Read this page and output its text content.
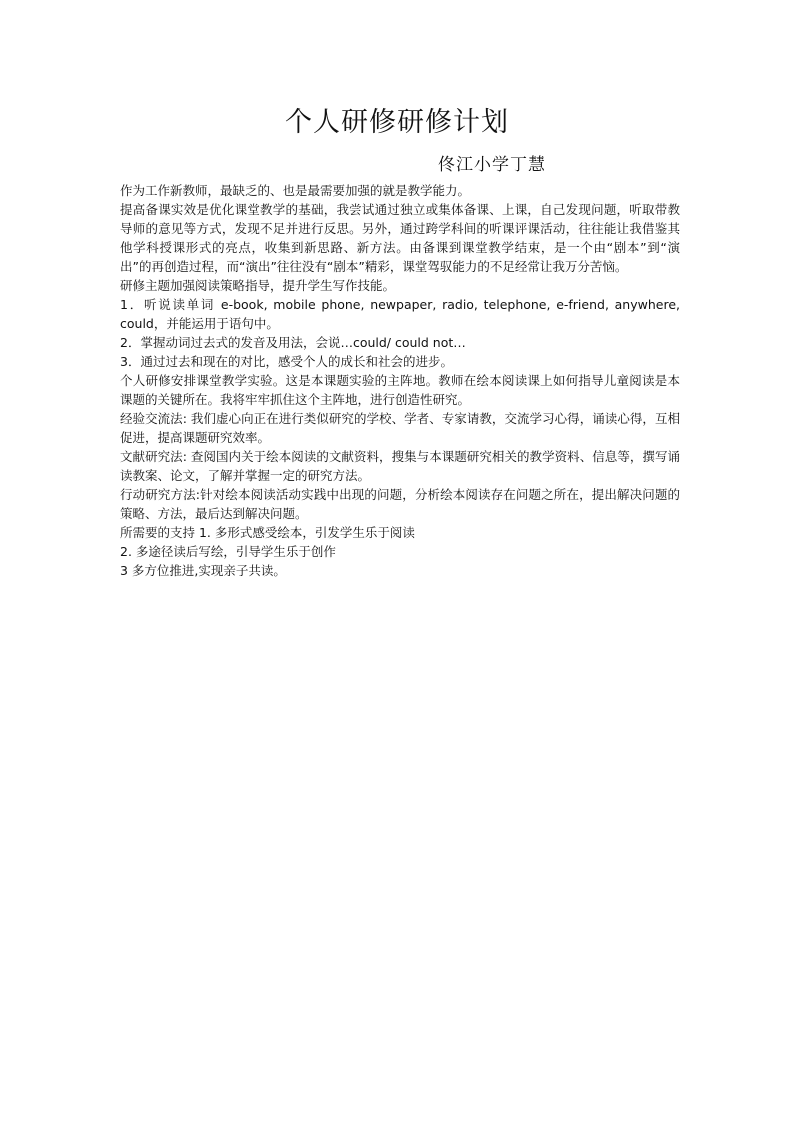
个人研修研修计划
佟江小学丁慧

作为工作新教师，最缺乏的、也是最需要加强的就是教学能力。

提高备课实效是优化课堂教学的基础，我尝试通过独立或集体备课、上课，自己发现问题，听取带教导师的意见等方式，发现不足并进行反思。另外，通过跨学科间的听课评课活动，往往能让我借鉴其他学科授课形式的亮点，收集到新思路、新方法。由备课到课堂教学结束，是一个由“剧本”到“演出”的再创造过程，而“演出”往往没有“剧本”精彩，课堂驾驭能力的不足经常让我万分苦恼。

研修主题加强阅读策略指导，提升学生写作技能。

1．听说读单词 e-book, mobile phone, newpaper, radio, telephone, e-friend, anywhere, could，并能运用于语句中。

2．掌握动词过去式的发音及用法，会说…could/ could not…

3．通过过去和现在的对比，感受个人的成长和社会的进步。

个人研修安排课堂教学实验。这是本课题实验的主阵地。教师在绘本阅读课上如何指导儿童阅读是本课题的关键所在。我将牢牢抓住这个主阵地，进行创造性研究。

经验交流法: 我们虚心向正在进行类似研究的学校、学者、专家请教，交流学习心得，诵读心得，互相促进，提高课题研究效率。

文献研究法: 查阅国内关于绘本阅读的文献资料，搜集与本课题研究相关的教学资料、信息等，撰写诵读教案、论文，了解并掌握一定的研究方法。

行动研究方法:针对绘本阅读活动实践中出现的问题，分析绘本阅读存在问题之所在，提出解决问题的策略、方法，最后达到解决问题。

所需要的支持 1. 多形式感受绘本，引发学生乐于阅读

2. 多途径读后写绘，引导学生乐于创作

3 多方位推进,实现亲子共读。
